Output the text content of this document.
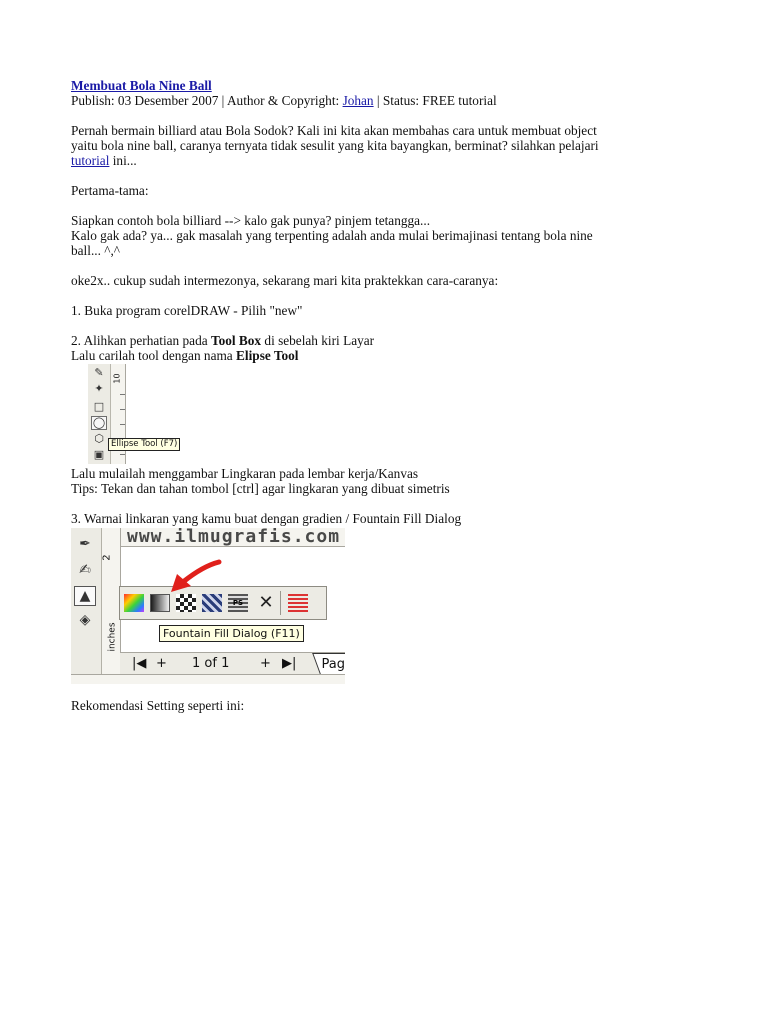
Membuat Bola Nine Ball
Publish: 03 Desember 2007 | Author & Copyright: Johan | Status: FREE tutorial
Pernah bermain billiard atau Bola Sodok? Kali ini kita akan membahas cara untuk membuat object
yaitu bola nine ball, caranya ternyata tidak sesulit yang kita bayangkan, berminat? silahkan pelajari
tutorial ini...
Pertama-tama:
Siapkan contoh bola billiard --> kalo gak punya? pinjem tetangga...
Kalo gak ada? ya... gak masalah yang terpenting adalah anda mulai berimajinasi tentang bola nine
ball... ^,^
oke2x.. cukup sudah intermezonya, sekarang mari kita praktekkan cara-caranya:
1. Buka program corelDRAW - Pilih "new"
2. Alihkan perhatian pada Tool Box di sebelah kiri Layar
Lalu carilah tool dengan nama Elipse Tool
✎
✦
□
◯
⬡
▣
10
Ellipse Tool (F7)
Lalu mulailah menggambar Lingkaran pada lembar kerja/Kanvas
Tips: Tekan dan tahan tombol [ctrl] agar lingkaran yang dibuat simetris
3. Warnai linkaran yang kamu buat dengan gradien / Fountain Fill Dialog
www.ilmugrafis.com
✒
✍
▲
◈
2
inches
PS ✕
Fountain Fill Dialog (F11)
|◀ + 1 of 1 + ▶| Pag
Rekomendasi Setting seperti ini:
